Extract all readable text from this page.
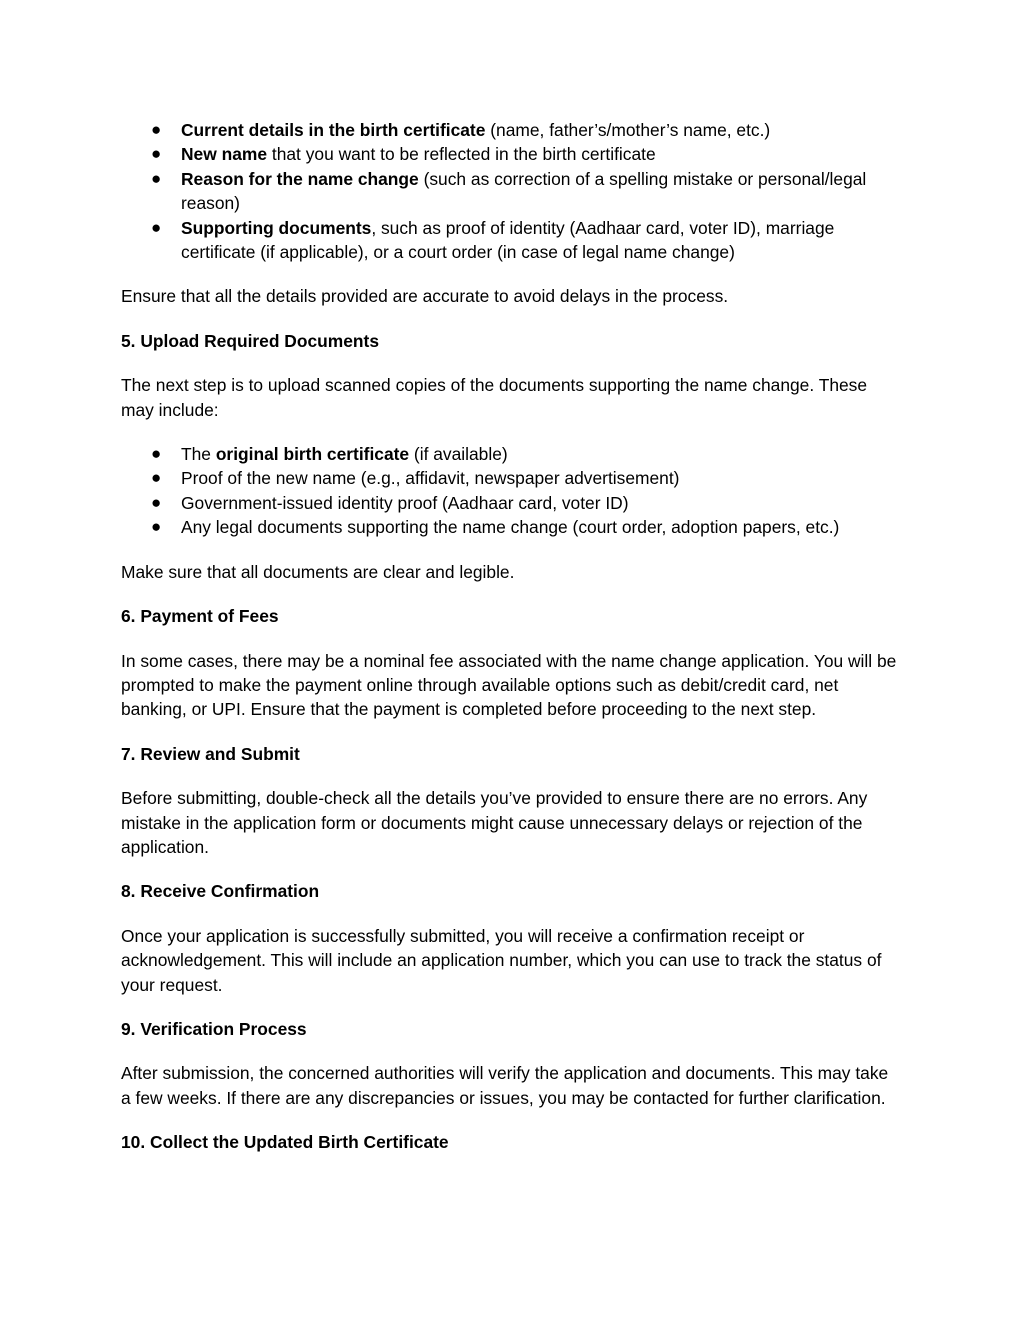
● Current details in the birth certificate (name, father’s/mother’s name, etc.)
● New name that you want to be reflected in the birth certificate
● Reason for the name change (such as correction of a spelling mistake or personal/legal reason)
● Supporting documents, such as proof of identity (Aadhaar card, voter ID), marriage certificate (if applicable), or a court order (in case of legal name change)

Ensure that all the details provided are accurate to avoid delays in the process.

5. Upload Required Documents

The next step is to upload scanned copies of the documents supporting the name change. These may include:

● The original birth certificate (if available)
● Proof of the new name (e.g., affidavit, newspaper advertisement)
● Government-issued identity proof (Aadhaar card, voter ID)
● Any legal documents supporting the name change (court order, adoption papers, etc.)

Make sure that all documents are clear and legible.

6. Payment of Fees

In some cases, there may be a nominal fee associated with the name change application. You will be prompted to make the payment online through available options such as debit/credit card, net banking, or UPI. Ensure that the payment is completed before proceeding to the next step.

7. Review and Submit

Before submitting, double-check all the details you’ve provided to ensure there are no errors. Any mistake in the application form or documents might cause unnecessary delays or rejection of the application.

8. Receive Confirmation

Once your application is successfully submitted, you will receive a confirmation receipt or acknowledgement. This will include an application number, which you can use to track the status of your request.

9. Verification Process

After submission, the concerned authorities will verify the application and documents. This may take a few weeks. If there are any discrepancies or issues, you may be contacted for further clarification.

10. Collect the Updated Birth Certificate
